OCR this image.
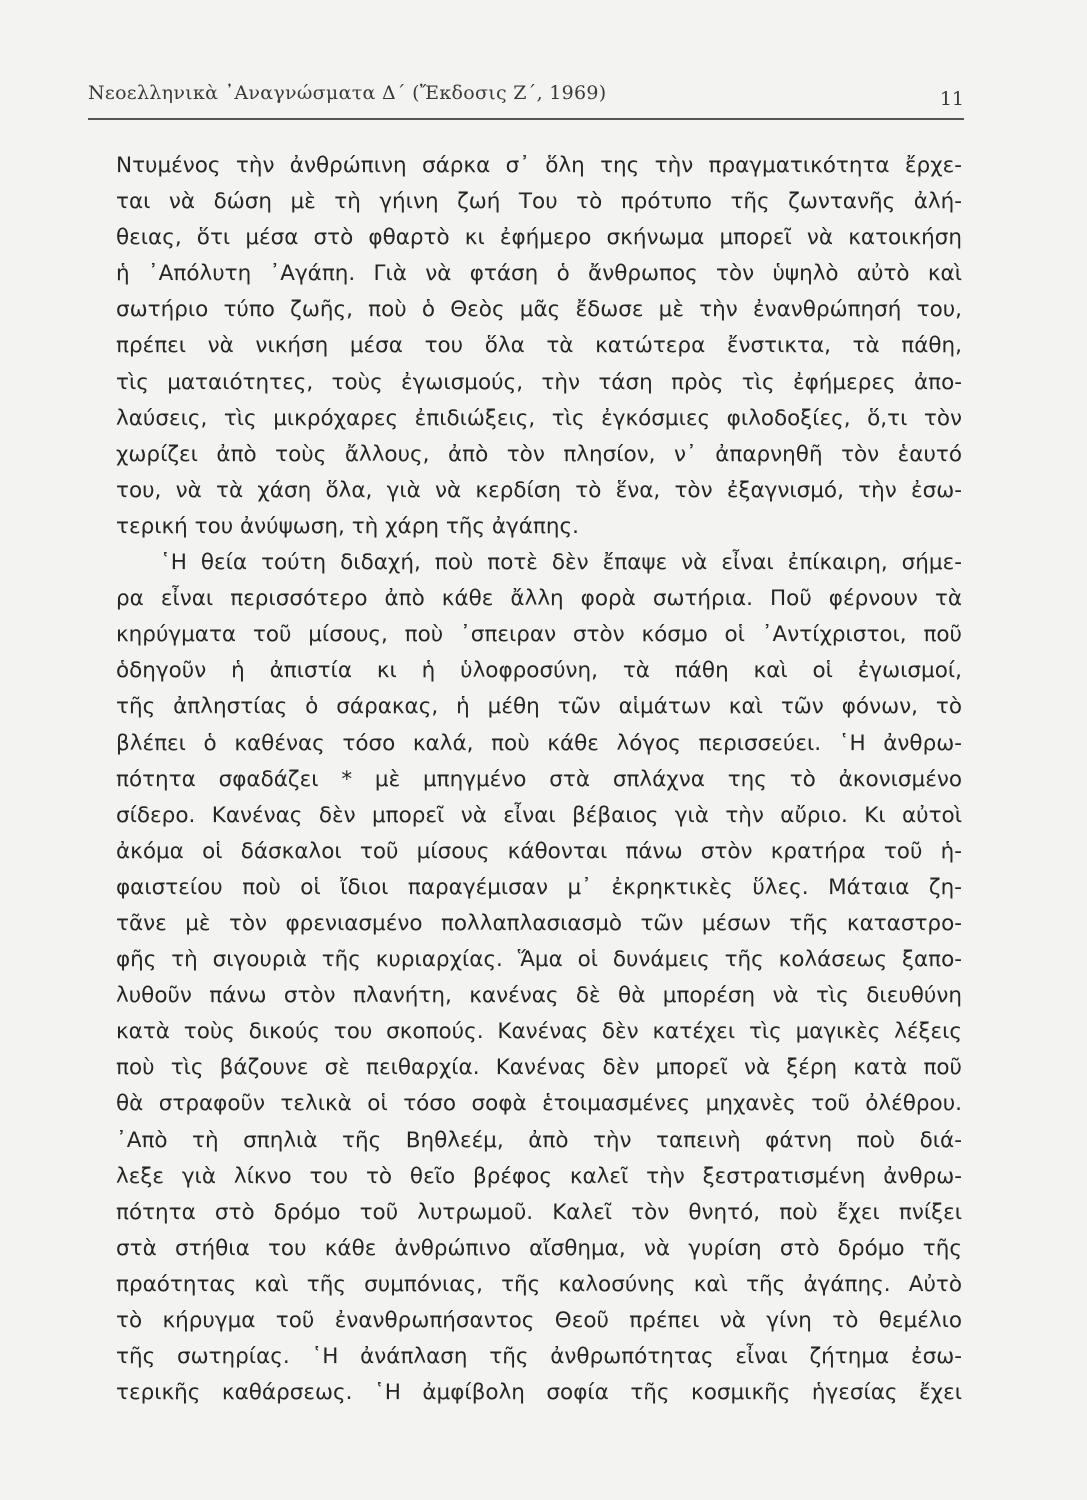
Νεοελληνικὰ ᾿Αναγνώσματα Δ΄ (Ἔκδοσις Ζ΄, 1969)	11
Ντυμένος τὴν ἀνθρώπινη σάρκα σ᾿ ὅλη της τὴν πραγματικότητα ἔρχε-
ται νὰ δώση μὲ τὴ γήινη ζωή Του τὸ πρότυπο τῆς ζωντανῆς ἀλή-
θειας, ὅτι μέσα στὸ φθαρτὸ κι ἐφήμερο σκήνωμα μπορεῖ νὰ κατοικήση
ἡ ᾿Απόλυτη ᾿Αγάπη. Γιὰ νὰ φτάση ὁ ἄνθρωπος τὸν ὑψηλὸ αὐτὸ καὶ
σωτήριο τύπο ζωῆς, ποὺ ὁ Θεὸς μᾶς ἔδωσε μὲ τὴν ἐνανθρώπησή του,
πρέπει νὰ νικήση μέσα του ὅλα τὰ κατώτερα ἔνστικτα, τὰ πάθη,
τὶς ματαιότητες, τοὺς ἐγωισμούς, τὴν τάση πρὸς τὶς ἐφήμερες ἀπο-
λαύσεις, τὶς μικρόχαρες ἐπιδιώξεις, τὶς ἐγκόσμιες φιλοδοξίες, ὅ,τι τὸν
χωρίζει ἀπὸ τοὺς ἄλλους, ἀπὸ τὸν πλησίον, ν᾿ ἀπαρνηθῆ τὸν ἑαυτό
του, νὰ τὰ χάση ὅλα, γιὰ νὰ κερδίση τὸ ἕνα, τὸν ἐξαγνισμό, τὴν ἐσω-
τερική του ἀνύψωση, τὴ χάρη τῆς ἀγάπης.
῾Η θεία τούτη διδαχή, ποὺ ποτὲ δὲν ἔπαψε νὰ εἶναι ἐπίκαιρη, σήμε-
ρα εἶναι περισσότερο ἀπὸ κάθε ἄλλη φορὰ σωτήρια. Ποῦ φέρνουν τὰ
κηρύγματα τοῦ μίσους, ποὺ ᾿σπειραν στὸν κόσμο οἱ ᾿Αντίχριστοι, ποῦ
ὁδηγοῦν ἡ ἀπιστία κι ἡ ὑλοφροσύνη, τὰ πάθη καὶ οἱ ἐγωισμοί,
τῆς ἀπληστίας ὁ σάρακας, ἡ μέθη τῶν αἱμάτων καὶ τῶν φόνων, τὸ
βλέπει ὁ καθένας τόσο καλά, ποὺ κάθε λόγος περισσεύει. ῾Η ἀνθρω-
πότητα σφαδάζει * μὲ μπηγμένο στὰ σπλάχνα της τὸ ἀκονισμένο
σίδερο. Κανένας δὲν μπορεῖ νὰ εἶναι βέβαιος γιὰ τὴν αὔριο. Κι αὐτοὶ
ἀκόμα οἱ δάσκαλοι τοῦ μίσους κάθονται πάνω στὸν κρατήρα τοῦ ἡ-
φαιστείου ποὺ οἱ ἴδιοι παραγέμισαν μ᾿ ἐκρηκτικὲς ὕλες. Μάταια ζη-
τᾶνε μὲ τὸν φρενιασμένο πολλαπλασιασμὸ τῶν μέσων τῆς καταστρο-
φῆς τὴ σιγουριὰ τῆς κυριαρχίας. Ἅμα οἱ δυνάμεις τῆς κολάσεως ξαπο-
λυθοῦν πάνω στὸν πλανήτη, κανένας δὲ θὰ μπορέση νὰ τὶς διευθύνη
κατὰ τοὺς δικούς του σκοπούς. Κανένας δὲν κατέχει τὶς μαγικὲς λέξεις
ποὺ τὶς βάζουνε σὲ πειθαρχία. Κανένας δὲν μπορεῖ νὰ ξέρη κατὰ ποῦ
θὰ στραφοῦν τελικὰ οἱ τόσο σοφὰ ἑτοιμασμένες μηχανὲς τοῦ ὀλέθρου.
᾿Απὸ τὴ σπηλιὰ τῆς Βηθλεέμ, ἀπὸ τὴν ταπεινὴ φάτνη ποὺ διά-
λεξε γιὰ λίκνο του τὸ θεῖο βρέφος καλεῖ τὴν ξεστρατισμένη ἀνθρω-
πότητα στὸ δρόμο τοῦ λυτρωμοῦ. Καλεῖ τὸν θνητό, ποὺ ἔχει πνίξει
στὰ στήθια του κάθε ἀνθρώπινο αἴσθημα, νὰ γυρίση στὸ δρόμο τῆς
πραότητας καὶ τῆς συμπόνιας, τῆς καλοσύνης καὶ τῆς ἀγάπης. Αὐτὸ
τὸ κήρυγμα τοῦ ἐνανθρωπήσαντος Θεοῦ πρέπει νὰ γίνη τὸ θεμέλιο
τῆς σωτηρίας. ῾Η ἀνάπλαση τῆς ἀνθρωπότητας εἶναι ζήτημα ἐσω-
τερικῆς καθάρσεως. ῾Η ἀμφίβολη σοφία τῆς κοσμικῆς ἡγεσίας ἔχει
